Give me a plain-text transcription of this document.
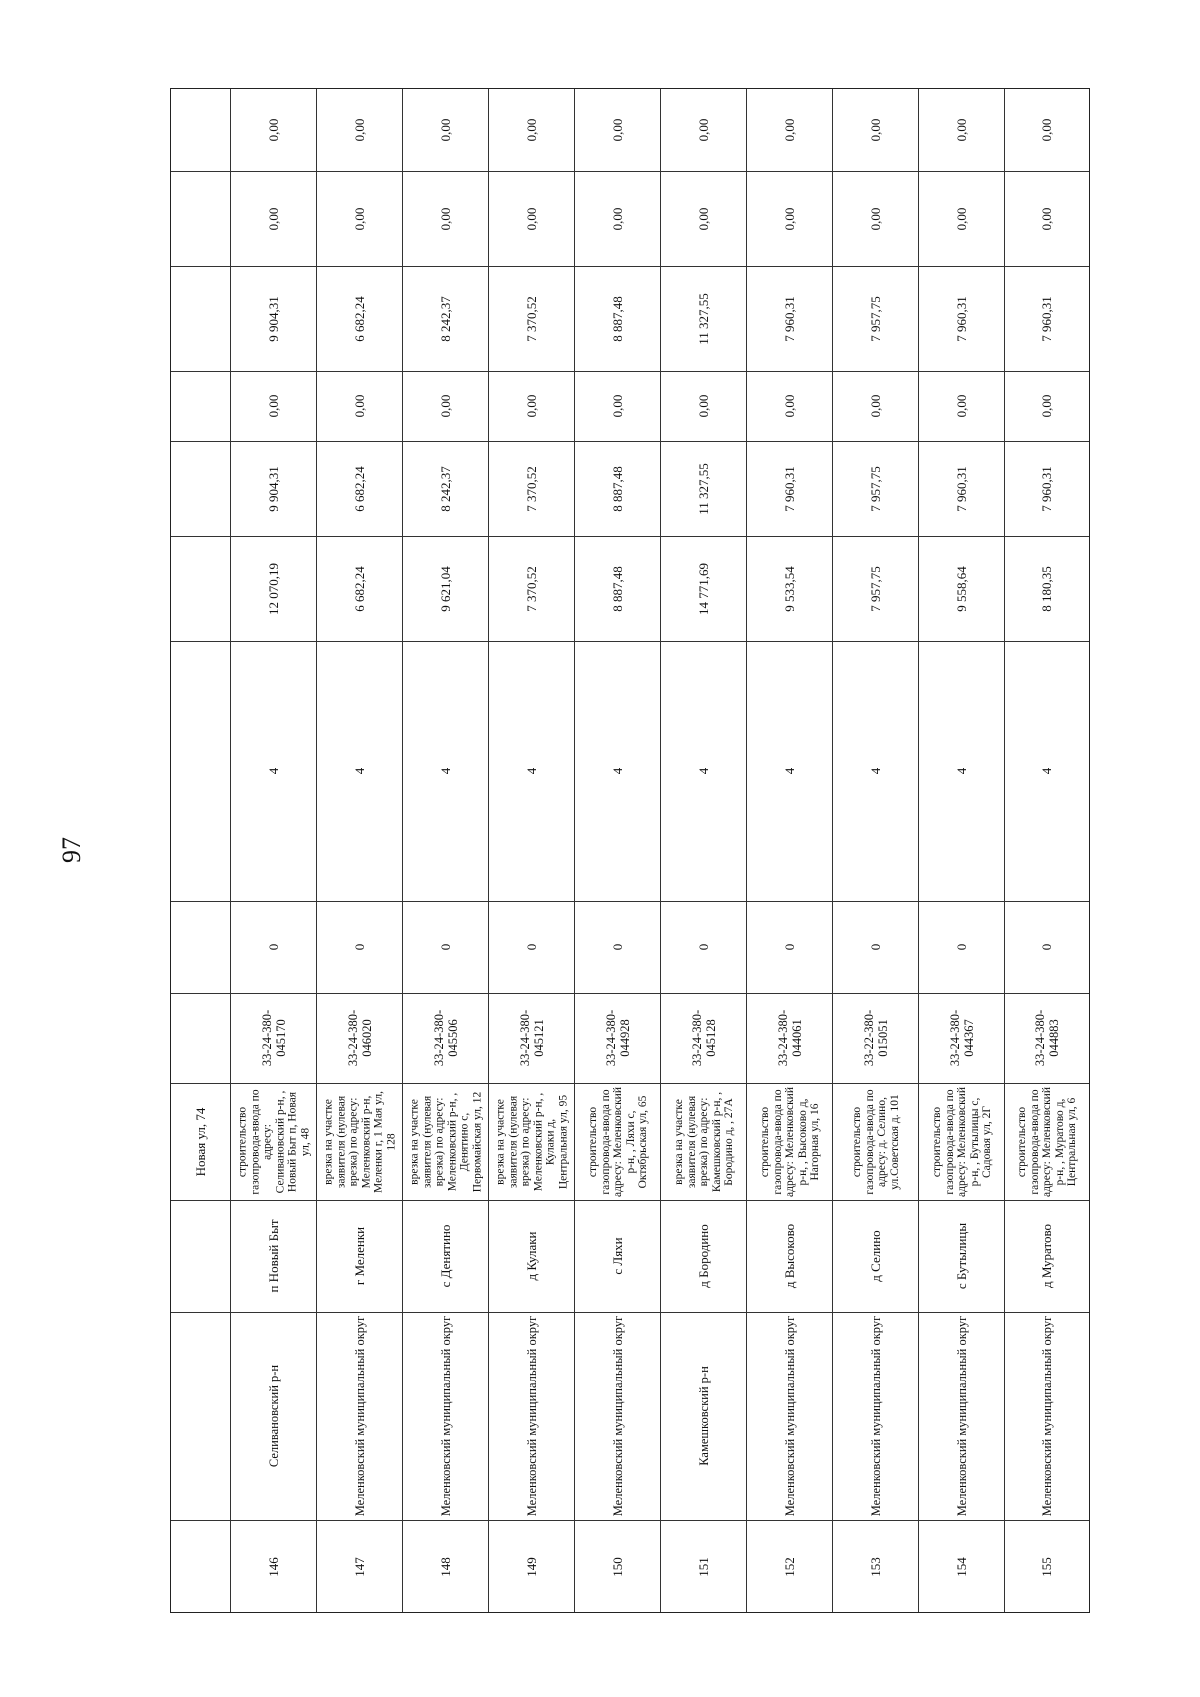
97
Новая ул, 74
0,00
0,00
9 904,31
0,00
9 904,31
12 070,19
4
0
33-24-380-045170
строительство газопровода-ввода по адресу: Селивановский р-н, , Новый Быт п, Новая ул, 48
п Новый Быт
Селивановский р-н
146
0,00
0,00
6 682,24
0,00
6 682,24
6 682,24
4
0
33-24-380-046020
врезка на участке заявителя (нулевая врезка) по адресу: Меленковский р-н, Меленки г, 1 Мая ул, 128
г Меленки
Меленковский муниципальный округ
147
0,00
0,00
8 242,37
0,00
8 242,37
9 621,04
4
0
33-24-380-045506
врезка на участке заявителя (нулевая врезка) по адресу: Меленковский р-н, , Денятино с, Первомайская ул, 12
с Денятино
Меленковский муниципальный округ
148
0,00
0,00
7 370,52
0,00
7 370,52
7 370,52
4
0
33-24-380-045121
врезка на участке заявителя (нулевая врезка) по адресу: Меленковский р-н, , Кулаки д, Центральная ул, 95
д Кулаки
Меленковский муниципальный округ
149
0,00
0,00
8 887,48
0,00
8 887,48
8 887,48
4
0
33-24-380-044928
строительство газопровода-ввода по адресу: Меленковский р-н, , Ляхи с, Октябрьская ул, 65
с Ляхи
Меленковский муниципальный округ
150
0,00
0,00
11 327,55
0,00
11 327,55
14 771,69
4
0
33-24-380-045128
врезка на участке заявителя (нулевая врезка) по адресу: Камешковский р-н, , Бородино д, , 27А
д Бородино
Камешковский р-н
151
0,00
0,00
7 960,31
0,00
7 960,31
9 533,54
4
0
33-24-380-044061
строительство газопровода-ввода по адресу: Меленковский р-н, , Высоково д, Нагорная ул, 16
д Высоково
Меленковский муниципальный округ
152
0,00
0,00
7 957,75
0,00
7 957,75
7 957,75
4
0
33-22-380-015051
строительство газопровода-ввода по адресу: д. Селино, ул.Советская д. 101
д Селино
Меленковский муниципальный округ
153
0,00
0,00
7 960,31
0,00
7 960,31
9 558,64
4
0
33-24-380-044367
строительство газопровода-ввода по адресу: Меленковский р-н, , Бутылицы с, Садовая ул, 2Г
с Бутылицы
Меленковский муниципальный округ
154
0,00
0,00
7 960,31
0,00
7 960,31
8 180,35
4
0
33-24-380-044883
строительство газопровода-ввода по адресу: Меленковский р-н, , Муратово д, Центральная ул, 6
д Муратово
Меленковский муниципальный округ
155
